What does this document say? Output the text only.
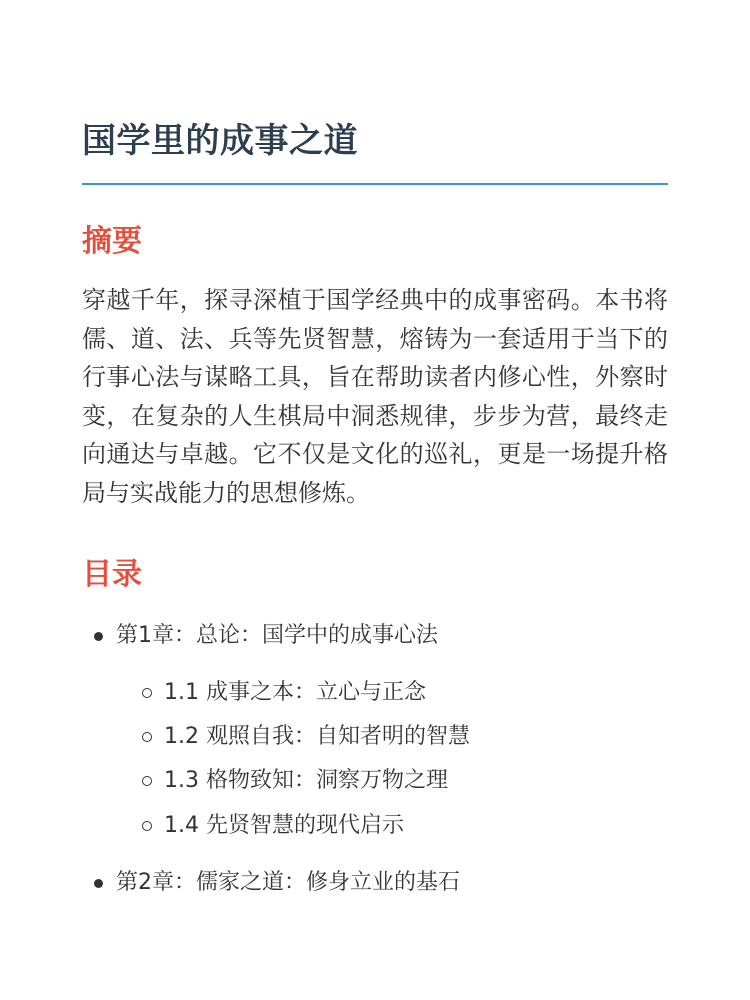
国学里的成事之道
摘要

穿越千年，探寻深植于国学经典中的成事密码。本书将儒、道、法、兵等先贤智慧，熔铸为一套适用于当下的行事心法与谋略工具，旨在帮助读者内修心性，外察时变，在复杂的人生棋局中洞悉规律，步步为营，最终走向通达与卓越。它不仅是文化的巡礼，更是一场提升格局与实战能力的思想修炼。

目录
第1章：总论：国学中的成事心法
1.1 成事之本：立心与正念
1.2 观照自我：自知者明的智慧
1.3 格物致知：洞察万物之理
1.4 先贤智慧的现代启示
第2章：儒家之道：修身立业的基石
